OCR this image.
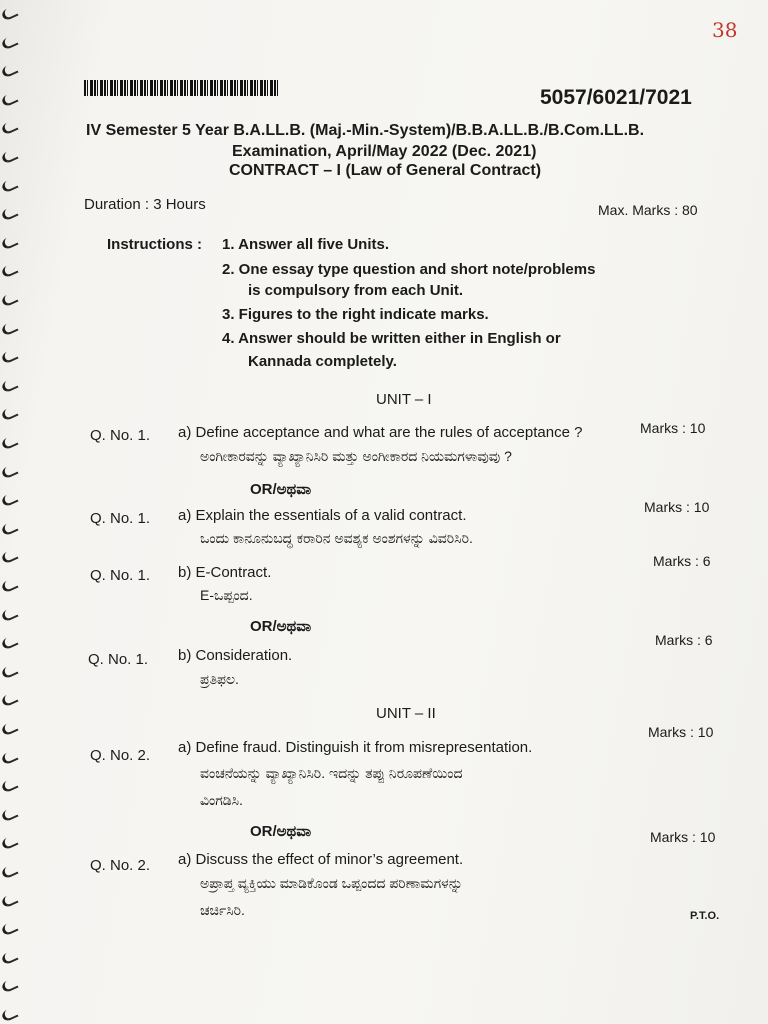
38
5057/6021/7021
IV Semester 5 Year B.A.LL.B. (Maj.-Min.-System)/B.B.A.LL.B./B.Com.LL.B.
Examination, April/May 2022 (Dec. 2021)
CONTRACT – I (Law of General Contract)
Duration : 3 Hours	Max. Marks : 80
Instructions : 1. Answer all five Units.
2. One essay type question and short note/problems
is compulsory from each Unit.
3. Figures to the right indicate marks.
4. Answer should be written either in English or
Kannada completely.
UNIT – I
Q. No. 1. a) Define acceptance and what are the rules of acceptance ?	Marks : 10
ಅಂಗೀಕಾರವನ್ನು ವ್ಯಾಖ್ಯಾನಿಸಿರಿ ಮತ್ತು ಅಂಗೀಕಾರದ ನಿಯಮಗಳಾವುವು ?
OR/ಅಥವಾ
Q. No. 1. a) Explain the essentials of a valid contract.	Marks : 10
ಒಂದು ಕಾನೂನುಬದ್ಧ ಕರಾರಿನ ಅವಶ್ಯಕ ಅಂಶಗಳನ್ನು ವಿವರಿಸಿರಿ.
Q. No. 1. b) E-Contract.
Marks : 6
E-ಒಪ್ಪಂದ.
OR/ಅಥವಾ
Q. No. 1. b) Consideration.
Marks : 6
ಪ್ರತಿಫಲ.
UNIT – II
Q. No. 2. a) Define fraud. Distinguish it from misrepresentation.
Marks : 10
ವಂಚನೆಯನ್ನು ವ್ಯಾಖ್ಯಾನಿಸಿರಿ. ಇದನ್ನು ತಪ್ಪು ನಿರೂಪಣೆಯಿಂದ
ವಿಂಗಡಿಸಿ.
OR/ಅಥವಾ
Q. No. 2. a) Discuss the effect of minor’s agreement.
Marks : 10
ಅಪ್ರಾಪ್ತ ವ್ಯಕ್ತಿಯು ಮಾಡಿಕೊಂಡ ಒಪ್ಪಂದದ ಪರಿಣಾಮಗಳನ್ನು
ಚರ್ಚಿಸಿರಿ.	P.T.O.
